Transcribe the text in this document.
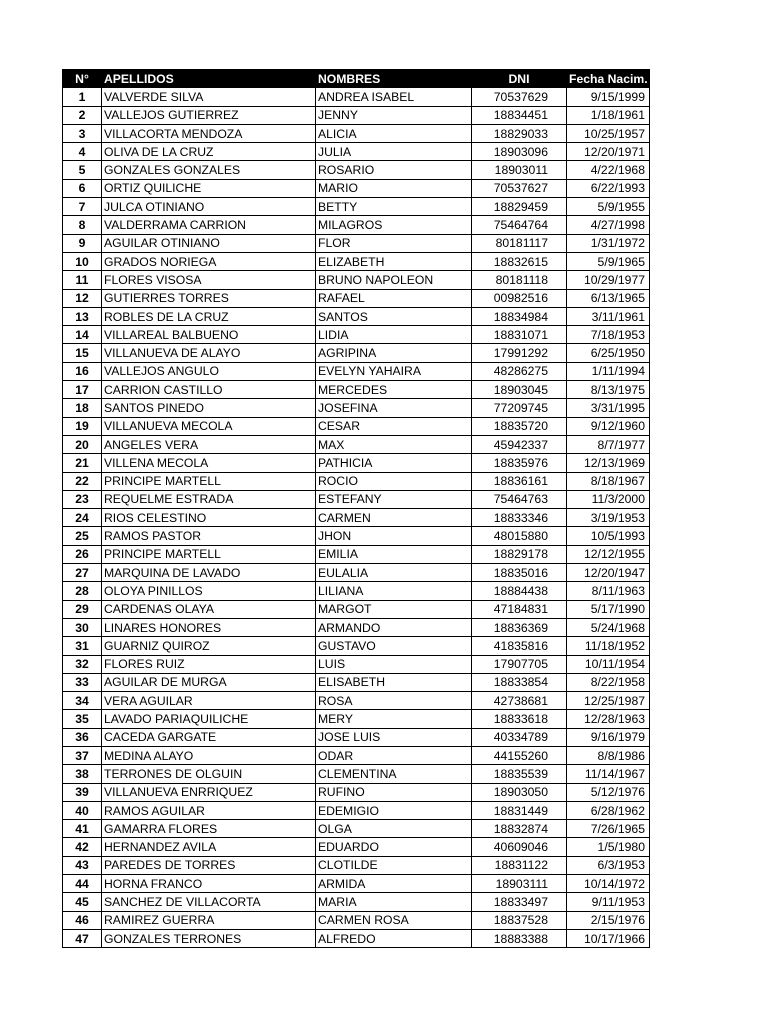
N°	APELLIDOS	NOMBRES	DNI	Fecha Nacim.
1	VALVERDE SILVA	ANDREA ISABEL	70537629	9/15/1999
2	VALLEJOS GUTIERREZ	JENNY	18834451	1/18/1961
3	VILLACORTA MENDOZA	ALICIA	18829033	10/25/1957
4	OLIVA DE LA CRUZ	JULIA	18903096	12/20/1971
5	GONZALES GONZALES	ROSARIO	18903011	4/22/1968
6	ORTIZ QUILICHE	MARIO	70537627	6/22/1993
7	JULCA OTINIANO	BETTY	18829459	5/9/1955
8	VALDERRAMA CARRION	MILAGROS	75464764	4/27/1998
9	AGUILAR OTINIANO	FLOR	80181117	1/31/1972
10	GRADOS NORIEGA	ELIZABETH	18832615	5/9/1965
11	FLORES VISOSA	BRUNO NAPOLEON	80181118	10/29/1977
12	GUTIERRES TORRES	RAFAEL	00982516	6/13/1965
13	ROBLES DE LA CRUZ	SANTOS	18834984	3/11/1961
14	VILLAREAL BALBUENO	LIDIA	18831071	7/18/1953
15	VILLANUEVA DE ALAYO	AGRIPINA	17991292	6/25/1950
16	VALLEJOS ANGULO	EVELYN YAHAIRA	48286275	1/11/1994
17	CARRION CASTILLO	MERCEDES	18903045	8/13/1975
18	SANTOS PINEDO	JOSEFINA	77209745	3/31/1995
19	VILLANUEVA MECOLA	CESAR	18835720	9/12/1960
20	ANGELES VERA	MAX	45942337	8/7/1977
21	VILLENA MECOLA	PATHICIA	18835976	12/13/1969
22	PRINCIPE MARTELL	ROCIO	18836161	8/18/1967
23	REQUELME ESTRADA	ESTEFANY	75464763	11/3/2000
24	RIOS CELESTINO	CARMEN	18833346	3/19/1953
25	RAMOS PASTOR	JHON	48015880	10/5/1993
26	PRINCIPE MARTELL	EMILIA	18829178	12/12/1955
27	MARQUINA DE LAVADO	EULALIA	18835016	12/20/1947
28	OLOYA PINILLOS	LILIANA	18884438	8/11/1963
29	CARDENAS OLAYA	MARGOT	47184831	5/17/1990
30	LINARES HONORES	ARMANDO	18836369	5/24/1968
31	GUARNIZ QUIROZ	GUSTAVO	41835816	11/18/1952
32	FLORES RUIZ	LUIS	17907705	10/11/1954
33	AGUILAR DE MURGA	ELISABETH	18833854	8/22/1958
34	VERA AGUILAR	ROSA	42738681	12/25/1987
35	LAVADO PARIAQUILICHE	MERY	18833618	12/28/1963
36	CACEDA GARGATE	JOSE LUIS	40334789	9/16/1979
37	MEDINA ALAYO	ODAR	44155260	8/8/1986
38	TERRONES DE OLGUIN	CLEMENTINA	18835539	11/14/1967
39	VILLANUEVA ENRRIQUEZ	RUFINO	18903050	5/12/1976
40	RAMOS AGUILAR	EDEMIGIO	18831449	6/28/1962
41	GAMARRA FLORES	OLGA	18832874	7/26/1965
42	HERNANDEZ AVILA	EDUARDO	40609046	1/5/1980
43	PAREDES DE TORRES	CLOTILDE	18831122	6/3/1953
44	HORNA FRANCO	ARMIDA	18903111	10/14/1972
45	SANCHEZ DE VILLACORTA	MARIA	18833497	9/11/1953
46	RAMIREZ GUERRA	CARMEN ROSA	18837528	2/15/1976
47	GONZALES TERRONES	ALFREDO	18883388	10/17/1966
